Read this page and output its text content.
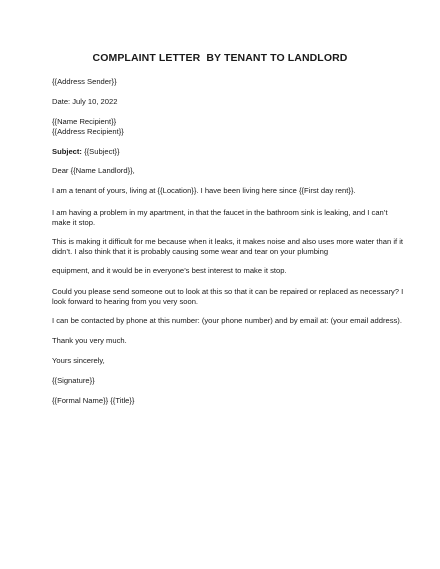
COMPLAINT LETTER  BY TENANT TO LANDLORD
{{Address Sender}}
Date: July 10, 2022
{{Name Recipient}}
{{Address Recipient}}
Subject: {{Subject}}
Dear {{Name Landlord}},
I am a tenant of yours, living at {{Location}}. I have been living here since {{First day rent}}.
I am having a problem in my apartment, in that the faucet in the bathroom sink is leaking, and I can’t
make it stop.
This is making it difficult for me because when it leaks, it makes noise and also uses more water than if it
didn’t. I also think that it is probably causing some wear and tear on your plumbing
equipment, and it would be in everyone’s best interest to make it stop.
Could you please send someone out to look at this so that it can be repaired or replaced as necessary? I
look forward to hearing from you very soon.
I can be contacted by phone at this number: (your phone number) and by email at: (your email address).
Thank you very much.
Yours sincerely,
{{Signature}}
{{Formal Name}} {{Title}}
